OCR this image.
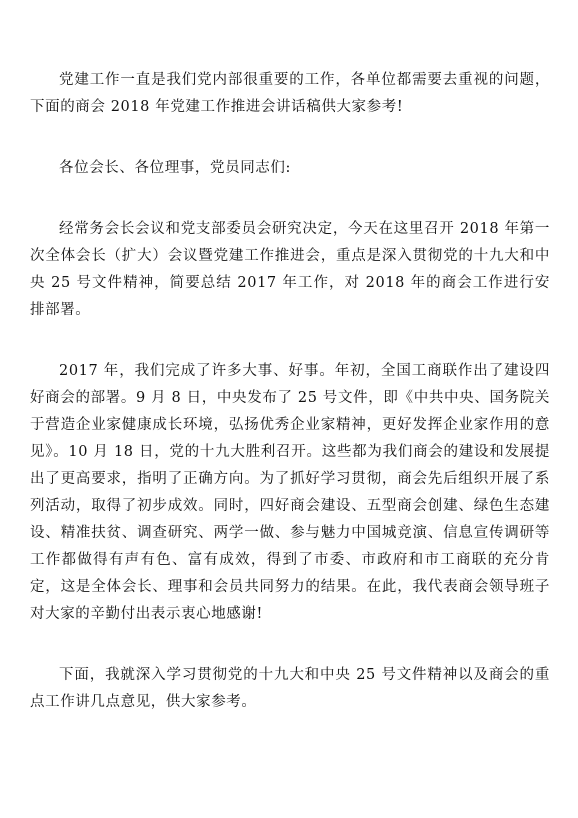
党建工作一直是我们党内部很重要的工作，各单位都需要去重视的问题，下面的商会 2018 年党建工作推进会讲话稿供大家参考!

各位会长、各位理事，党员同志们:

经常务会长会议和党支部委员会研究决定，今天在这里召开 2018 年第一次全体会长（扩大）会议暨党建工作推进会，重点是深入贯彻党的十九大和中央 25 号文件精神，简要总结 2017 年工作，对 2018 年的商会工作进行安排部署。

2017 年，我们完成了许多大事、好事。年初，全国工商联作出了建设四好商会的部署。9 月 8 日，中央发布了 25 号文件，即《中共中央、国务院关于营造企业家健康成长环境，弘扬优秀企业家精神，更好发挥企业家作用的意见》。10 月 18 日，党的十九大胜利召开。这些都为我们商会的建设和发展提出了更高要求，指明了正确方向。为了抓好学习贯彻，商会先后组织开展了系列活动，取得了初步成效。同时，四好商会建设、五型商会创建、绿色生态建设、精准扶贫、调查研究、两学一做、参与魅力中国城竞演、信息宣传调研等工作都做得有声有色、富有成效，得到了市委、市政府和市工商联的充分肯定，这是全体会长、理事和会员共同努力的结果。在此，我代表商会领导班子对大家的辛勤付出表示衷心地感谢!

下面，我就深入学习贯彻党的十九大和中央 25 号文件精神以及商会的重点工作讲几点意见，供大家参考。
